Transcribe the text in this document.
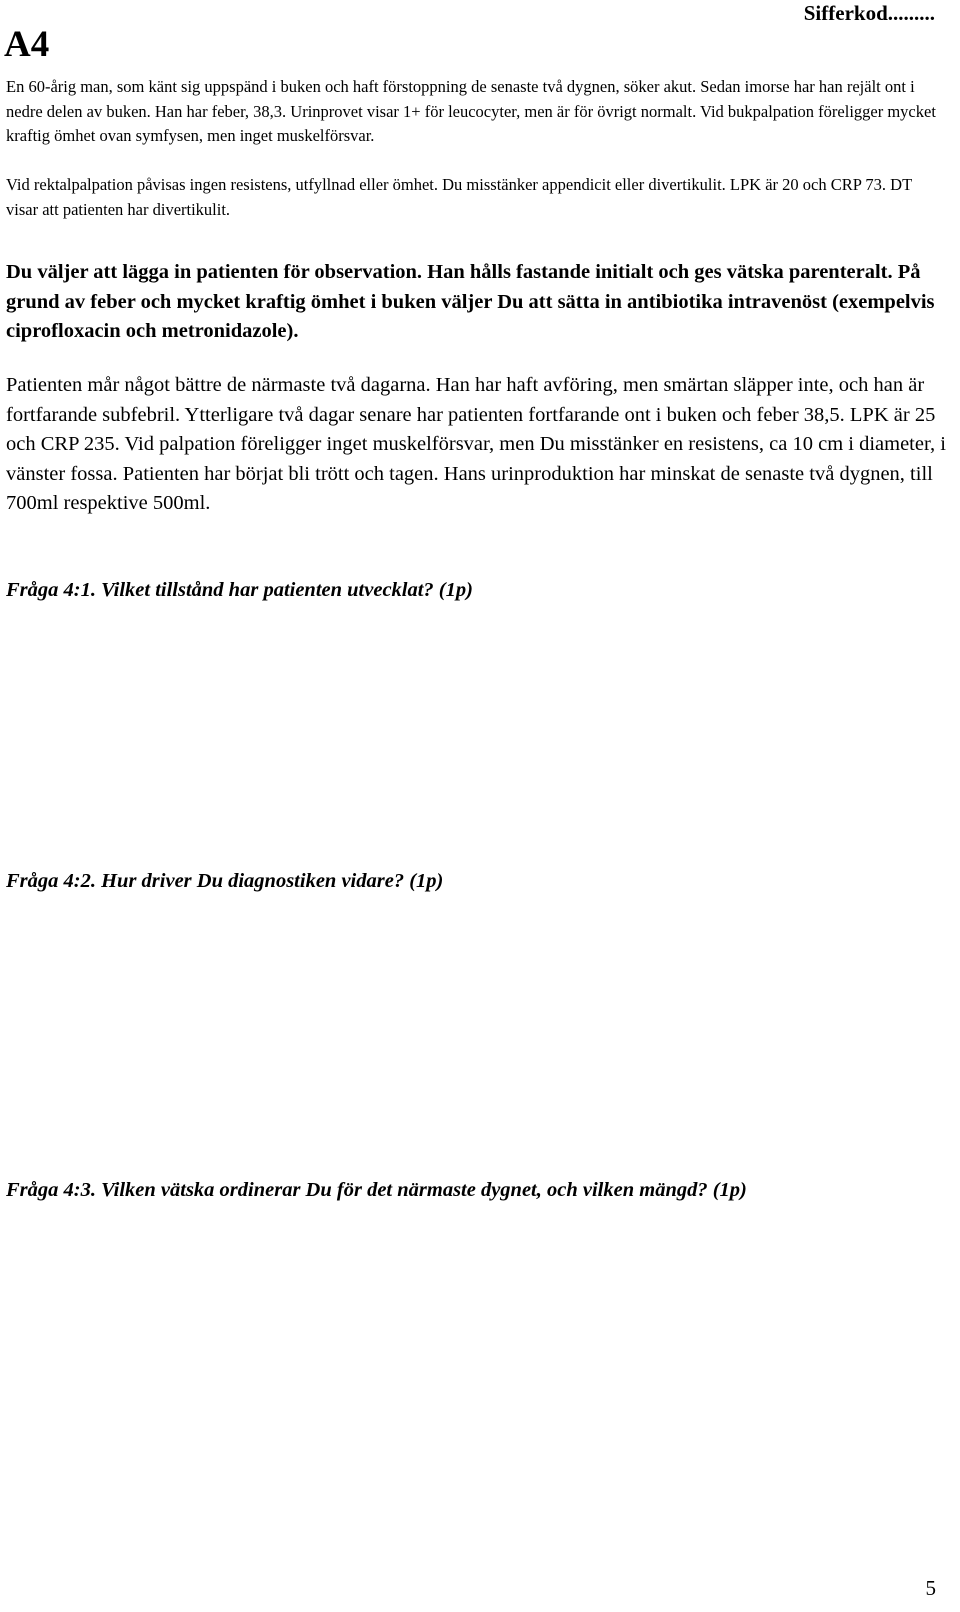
A4
Sifferkod.........
En 60-årig man, som känt sig uppspänd i buken och haft förstoppning de senaste två dygnen, söker akut. Sedan imorse har han rejält ont i nedre delen av buken. Han har feber, 38,3. Urinprovet visar 1+ för leucocyter, men är för övrigt normalt. Vid bukpalpation föreligger mycket kraftig ömhet ovan symfysen, men inget muskelförsvar.
Vid rektalpalpation påvisas ingen resistens, utfyllnad eller ömhet. Du misstänker appendicit eller divertikulit. LPK är 20 och CRP 73. DT visar att patienten har divertikulit.
Du väljer att lägga in patienten för observation. Han hålls fastande initialt och ges vätska parenteralt. På grund av feber och mycket kraftig ömhet i buken väljer Du att sätta in antibiotika intravenöst (exempelvis ciprofloxacin och metronidazole).
Patienten mår något bättre de närmaste två dagarna. Han har haft avföring, men smärtan släpper inte, och han är fortfarande subfebril. Ytterligare två dagar senare har patienten fortfarande ont i buken och feber 38,5. LPK är 25 och CRP 235. Vid palpation föreligger inget muskelförsvar, men Du misstänker en resistens, ca 10 cm i diameter, i vänster fossa. Patienten har börjat bli trött och tagen. Hans urinproduktion har minskat de senaste två dygnen, till 700ml respektive 500ml.
Fråga 4:1. Vilket tillstånd har patienten utvecklat? (1p)
Fråga 4:2. Hur driver Du diagnostiken vidare? (1p)
Fråga 4:3. Vilken vätska ordinerar Du för det närmaste dygnet, och vilken mängd? (1p)
5
